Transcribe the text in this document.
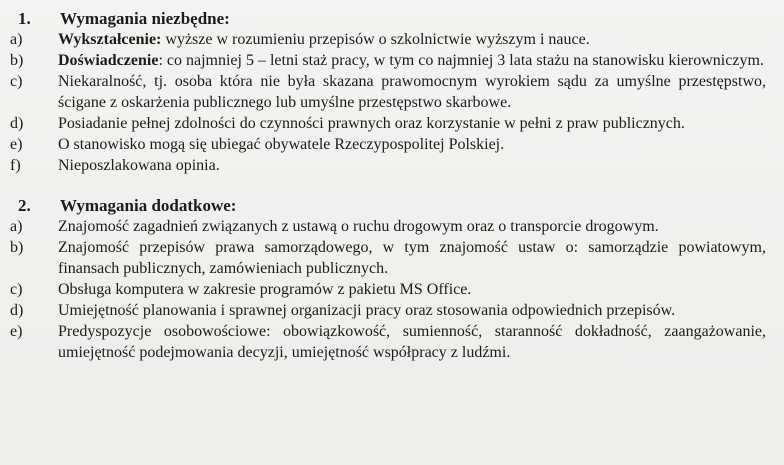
1. Wymagania niezbędne:
a)	Wykształcenie: wyższe w rozumieniu przepisów o szkolnictwie wyższym i nauce.
b)	Doświadczenie: co najmniej 5 – letni staż pracy, w tym co najmniej 3 lata stażu na stanowisku kierowniczym.
c)	Niekaralność, tj. osoba która nie była skazana prawomocnym wyrokiem sądu za umyślne przestępstwo, ścigane z oskarżenia publicznego lub umyślne przestępstwo skarbowe.
d)	Posiadanie pełnej zdolności do czynności prawnych oraz korzystanie w pełni z praw publicznych.
e)	O stanowisko mogą się ubiegać obywatele Rzeczypospolitej Polskiej.
f)	Nieposzlakowana opinia.
2. Wymagania dodatkowe:
a)	Znajomość zagadnień związanych z ustawą o ruchu drogowym oraz o transporcie drogowym.
b)	Znajomość przepisów prawa samorządowego, w tym znajomość ustaw o: samorządzie powiatowym, finansach publicznych, zamówieniach publicznych.
c)	Obsługa komputera w zakresie programów z pakietu MS Office.
d)	Umiejętność planowania i sprawnej organizacji pracy oraz stosowania odpowiednich przepisów.
e)	Predyspozycje osobowościowe: obowiązkowość, sumienność, staranność dokładność, zaangażowanie, umiejętność podejmowania decyzji, umiejętność współpracy z ludźmi.
